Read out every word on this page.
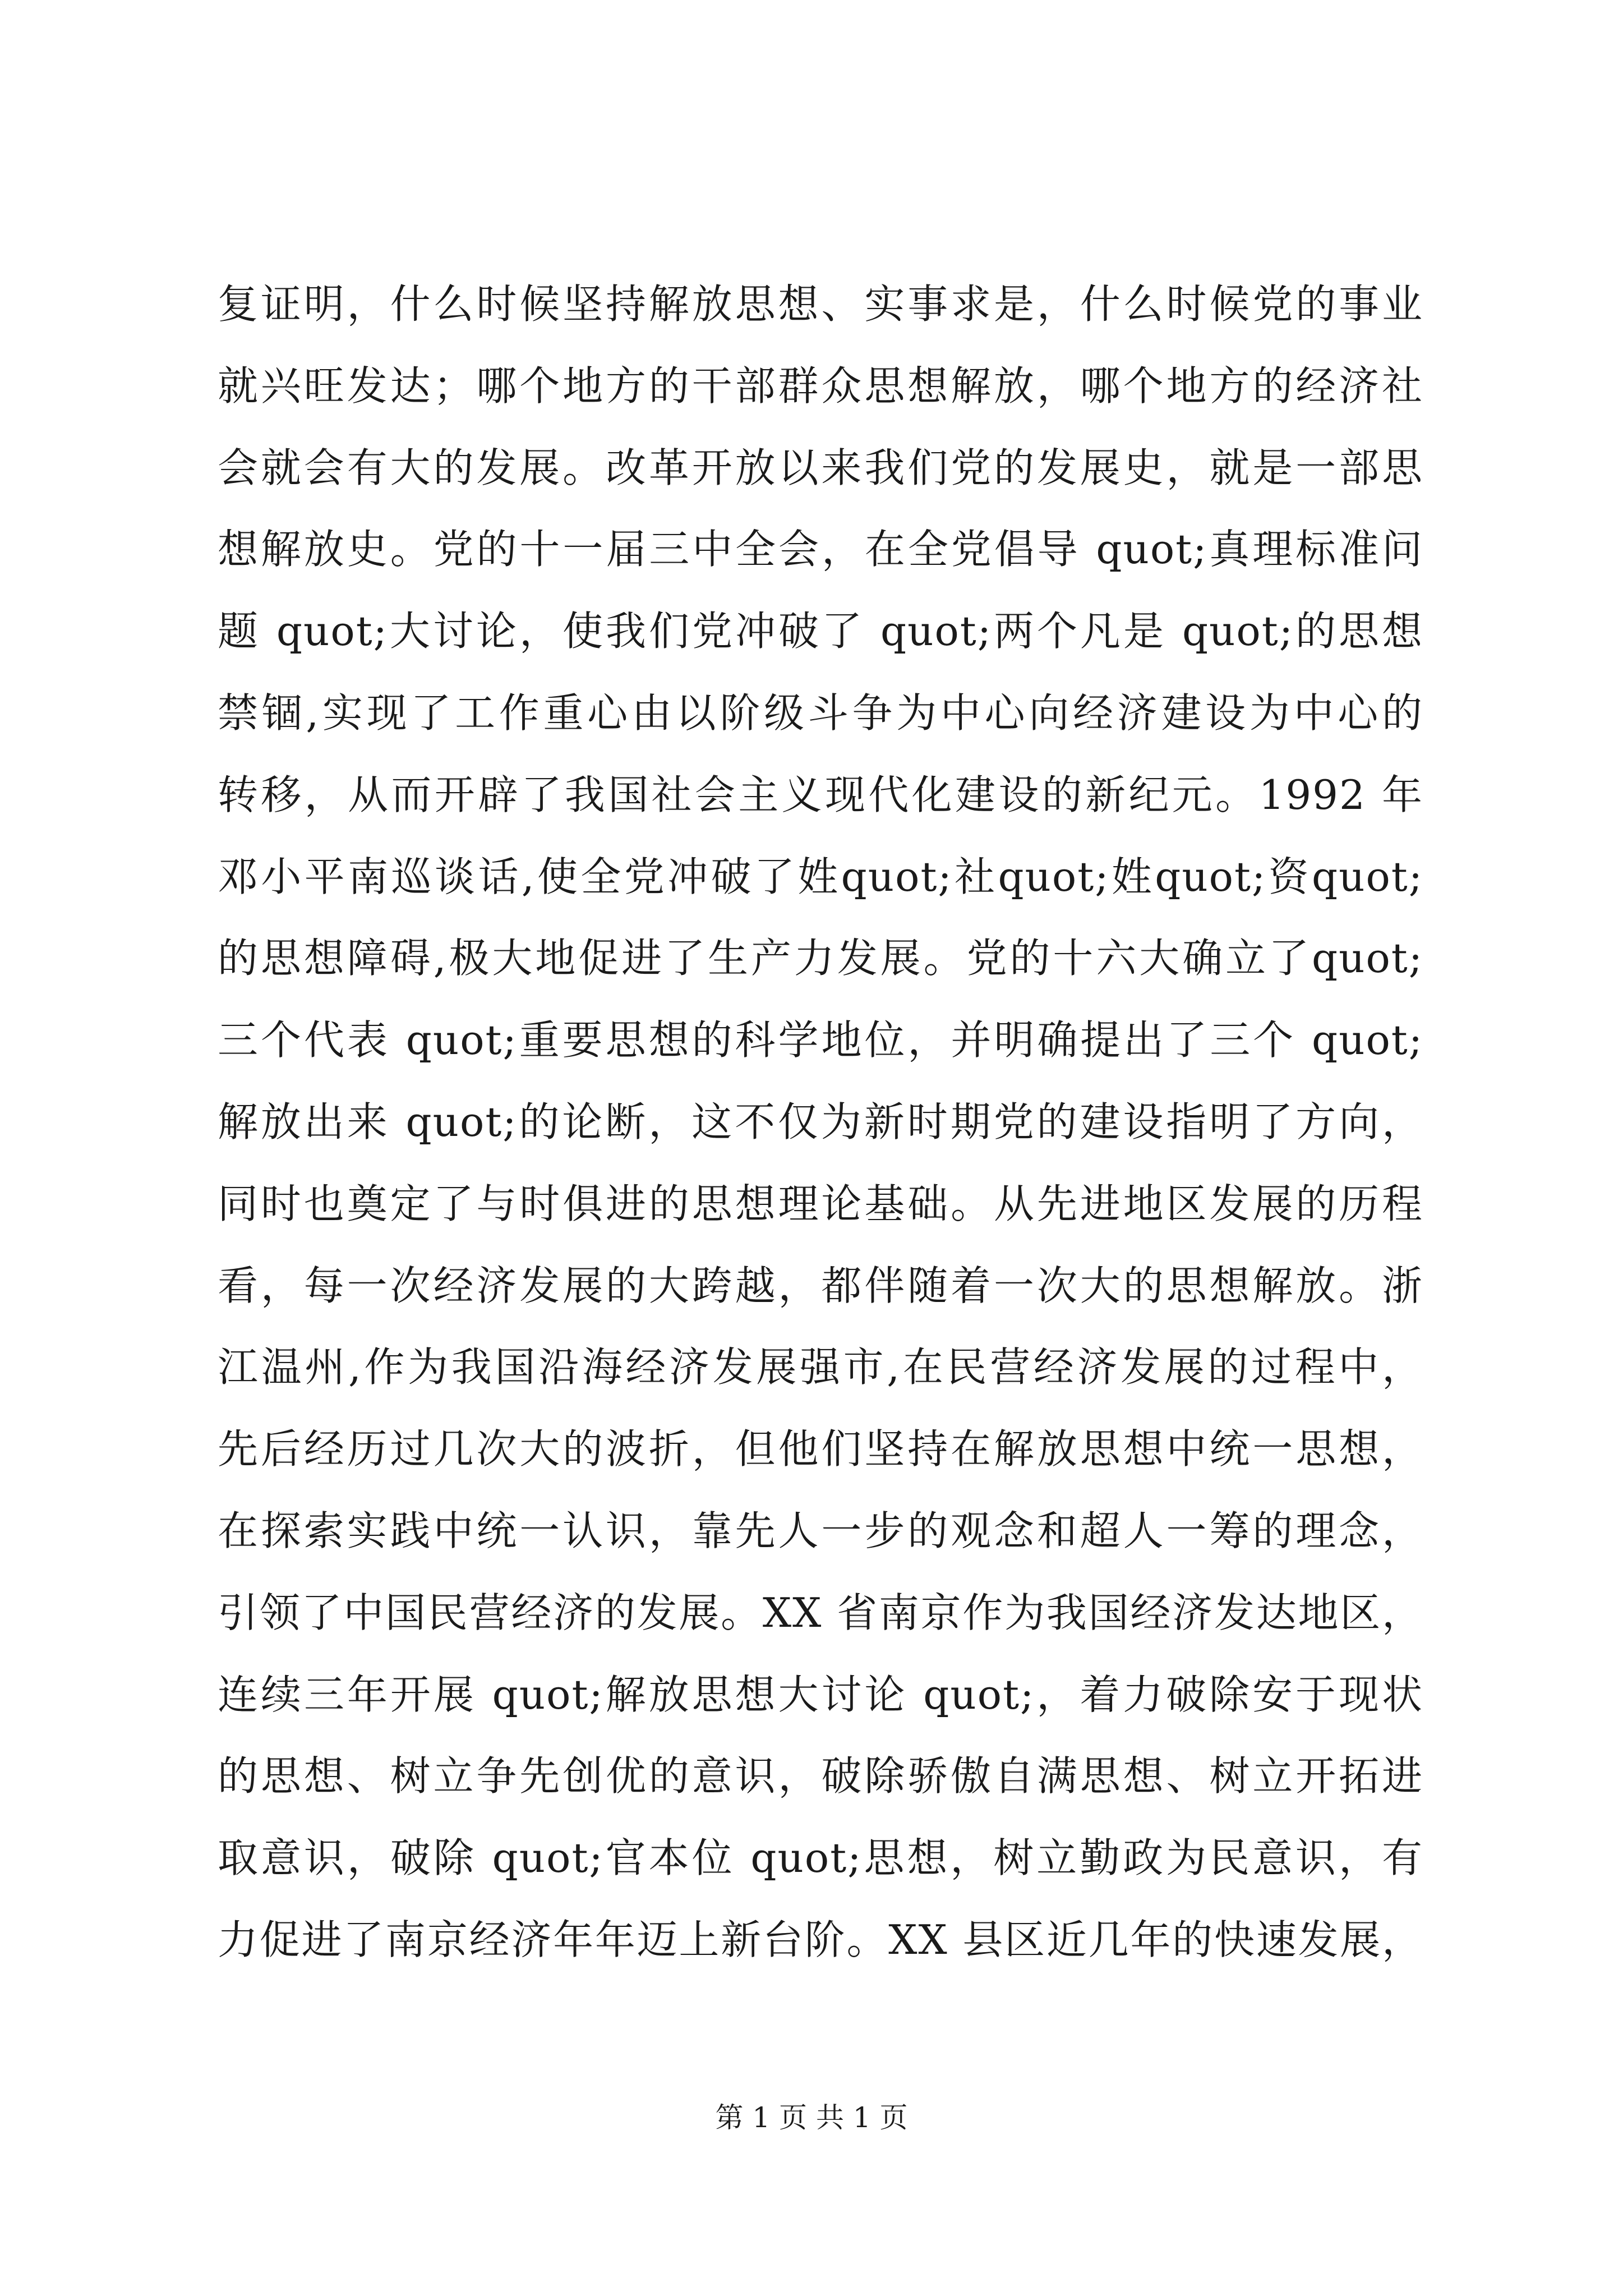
复证明，什么时候坚持解放思想、实事求是，什么时候党的事业
就兴旺发达；哪个地方的干部群众思想解放，哪个地方的经济社
会就会有大的发展。改革开放以来我们党的发展史，就是一部思
想解放史。党的十一届三中全会，在全党倡导 quot;真理标准问
题 quot;大讨论，使我们党冲破了 quot;两个凡是 quot;的思想
禁锢,实现了工作重心由以阶级斗争为中心向经济建设为中心的
转移，从而开辟了我国社会主义现代化建设的新纪元。1992 年
邓小平南巡谈话,使全党冲破了姓quot;社quot;姓quot;资quot;
的思想障碍,极大地促进了生产力发展。党的十六大确立了quot;
三个代表 quot;重要思想的科学地位，并明确提出了三个 quot;
解放出来 quot;的论断，这不仅为新时期党的建设指明了方向，
同时也奠定了与时俱进的思想理论基础。从先进地区发展的历程
看，每一次经济发展的大跨越，都伴随着一次大的思想解放。浙
江温州,作为我国沿海经济发展强市,在民营经济发展的过程中，
先后经历过几次大的波折，但他们坚持在解放思想中统一思想，
在探索实践中统一认识，靠先人一步的观念和超人一筹的理念，
引领了中国民营经济的发展。XX 省南京作为我国经济发达地区，
连续三年开展 quot;解放思想大讨论 quot;，着力破除安于现状
的思想、树立争先创优的意识，破除骄傲自满思想、树立开拓进
取意识，破除 quot;官本位 quot;思想，树立勤政为民意识，有
力促进了南京经济年年迈上新台阶。XX 县区近几年的快速发展，
第 1 页 共 1 页
